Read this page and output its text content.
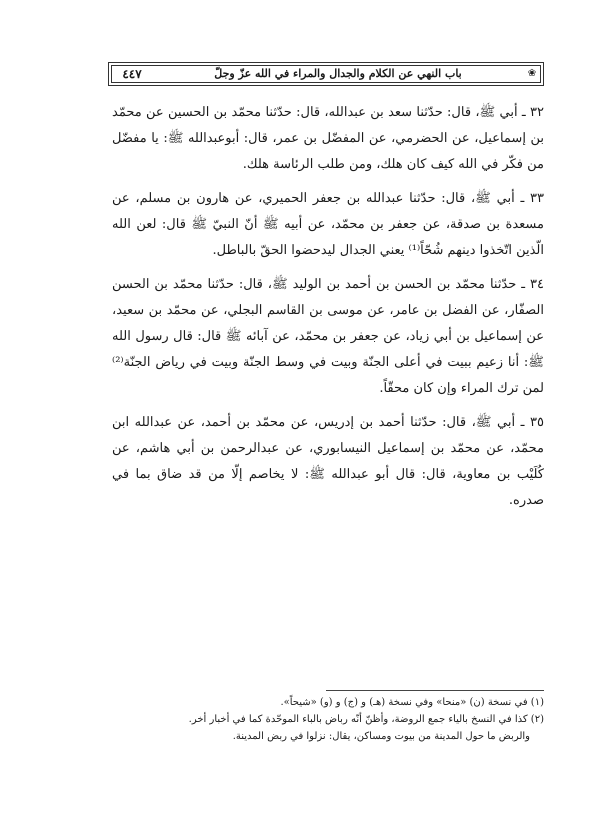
باب النهي عن الكلام والجدال والمراء في الله عزّ وجلّ
٤٤٧	❀

٣٢ ـ أبي ﷺ، قال: حدّثنا سعد بن عبدالله، قال: حدّثنا محمّد بن الحسين عن محمّد بن إسماعيل، عن الحضرمي، عن المفضّل بن عمر، قال: أبوعبدالله ﷺ: يا مفضّل من فكّر في الله كيف كان هلك، ومن طلب الرئاسة هلك.

٣٣ ـ أبي ﷺ، قال: حدّثنا عبدالله بن جعفر الحميري، عن هارون بن مسلم، عن مسعدة بن صدقة، عن جعفر بن محمّد، عن أبيه ﷺ أنّ النبيّ ﷺ قال: لعن الله الّذين اتّخذوا دينهم شُحّاً⁽¹⁾ يعني الجدال ليدحضوا الحقّ بالباطل.

٣٤ ـ حدّثنا محمّد بن الحسن بن أحمد بن الوليد ﷺ، قال: حدّثنا محمّد بن الحسن الصفّار، عن الفضل بن عامر، عن موسى بن القاسم البجلي، عن محمّد بن سعيد، عن إسماعيل بن أبي زياد، عن جعفر بن محمّد، عن آبائه ﷺ قال: قال رسول الله ﷺ: أنا زعيم ببيت في أعلى الجنّة وبيت في وسط الجنّة وبيت في رياض الجنّة⁽²⁾ لمن ترك المراء وإن كان محقّاً.

٣٥ ـ أبي ﷺ، قال: حدّثنا أحمد بن إدريس، عن محمّد بن أحمد، عن عبدالله ابن محمّد، عن محمّد بن إسماعيل النيسابوري، عن عبدالرحمن بن أبي هاشم، عن كُلَيْب بن معاوية، قال: قال أبو عبدالله ﷺ: لا يخاصم إلّا من قد ضاق بما في صدره.

(١) في نسخة (ن) «منحا» وفي نسخة (هـ) و (ج) و (و) «شيحاً».

(٢) كذا في النسخ بالياء جمع الروضة، وأظنّ أنّه رباض بالباء الموحّدة كما في أخبار أخر.

والربض ما حول المدينة من بيوت ومساكن، يقال: نزلوا في ربض المدينة.
